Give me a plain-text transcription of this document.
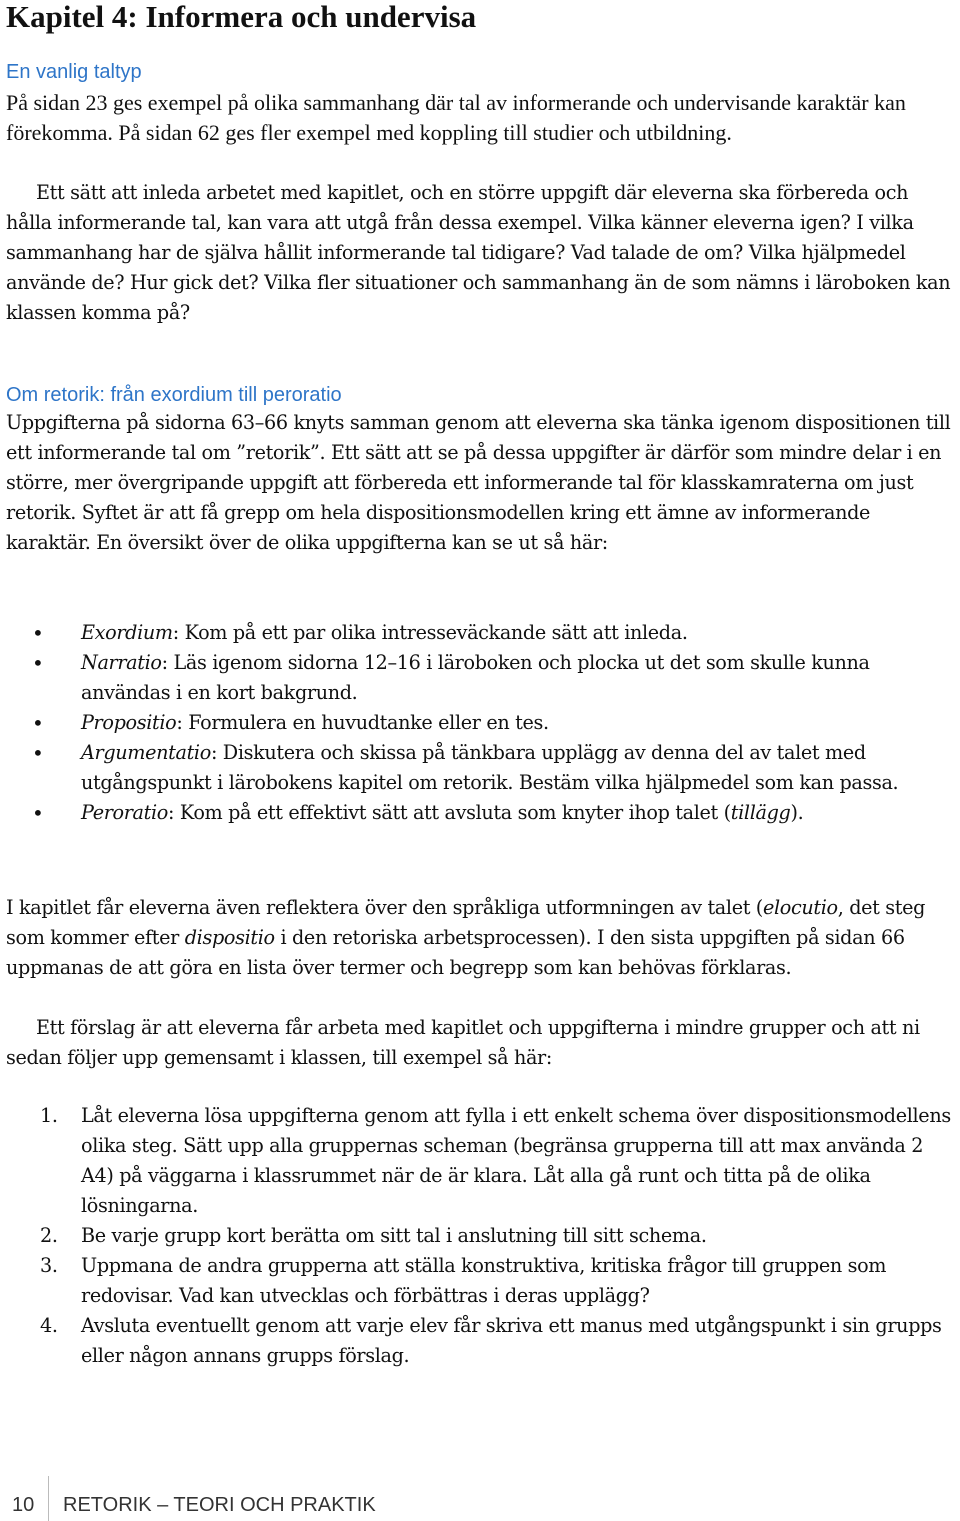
Kapitel 4: Informera och undervisa
En vanlig taltyp

På sidan 23 ges exempel på olika sammanhang där tal av informerande och undervisande karaktär kan förekomma. På sidan 62 ges fler exempel med koppling till studier och utbildning.

Ett sätt att inleda arbetet med kapitlet, och en större uppgift där eleverna ska förbereda och hålla informerande tal, kan vara att utgå från dessa exempel. Vilka känner eleverna igen? I vilka sammanhang har de själva hållit informerande tal tidigare? Vad talade de om? Vilka hjälpmedel använde de? Hur gick det? Vilka fler situationer och sammanhang än de som nämns i läroboken kan klassen komma på?

Om retorik: från exordium till peroratio

Uppgifterna på sidorna 63–66 knyts samman genom att eleverna ska tänka igenom dispositionen till ett informerande tal om ”retorik”. Ett sätt att se på dessa uppgifter är därför som mindre delar i en större, mer övergripande uppgift att förbereda ett informerande tal för klasskamraterna om just retorik. Syftet är att få grepp om hela dispositionsmodellen kring ett ämne av informerande karaktär. En översikt över de olika uppgifterna kan se ut så här:

• Exordium: Kom på ett par olika intresseväckande sätt att inleda.
• Narratio: Läs igenom sidorna 12–16 i läroboken och plocka ut det som skulle kunna användas i en kort bakgrund.
• Propositio: Formulera en huvudtanke eller en tes.
• Argumentatio: Diskutera och skissa på tänkbara upplägg av denna del av talet med utgångspunkt i lärobokens kapitel om retorik. Bestäm vilka hjälpmedel som kan passa.
• Peroratio: Kom på ett effektivt sätt att avsluta som knyter ihop talet (tillägg).

I kapitlet får eleverna även reflektera över den språkliga utformningen av talet (elocutio, det steg som kommer efter dispositio i den retoriska arbetsprocessen). I den sista uppgiften på sidan 66 uppmanas de att göra en lista över termer och begrepp som kan behövas förklaras.

Ett förslag är att eleverna får arbeta med kapitlet och uppgifterna i mindre grupper och att ni sedan följer upp gemensamt i klassen, till exempel så här:

1. Låt eleverna lösa uppgifterna genom att fylla i ett enkelt schema över dispositionsmodellens olika steg. Sätt upp alla gruppernas scheman (begränsa grupperna till att max använda 2 A4) på väggarna i klassrummet när de är klara. Låt alla gå runt och titta på de olika lösningarna.
2. Be varje grupp kort berätta om sitt tal i anslutning till sitt schema.
3. Uppmana de andra grupperna att ställa konstruktiva, kritiska frågor till gruppen som redovisar. Vad kan utvecklas och förbättras i deras upplägg?
4. Avsluta eventuellt genom att varje elev får skriva ett manus med utgångspunkt i sin grupps eller någon annans grupps förslag.
10 RETORIK – TEORI OCH PRAKTIK
